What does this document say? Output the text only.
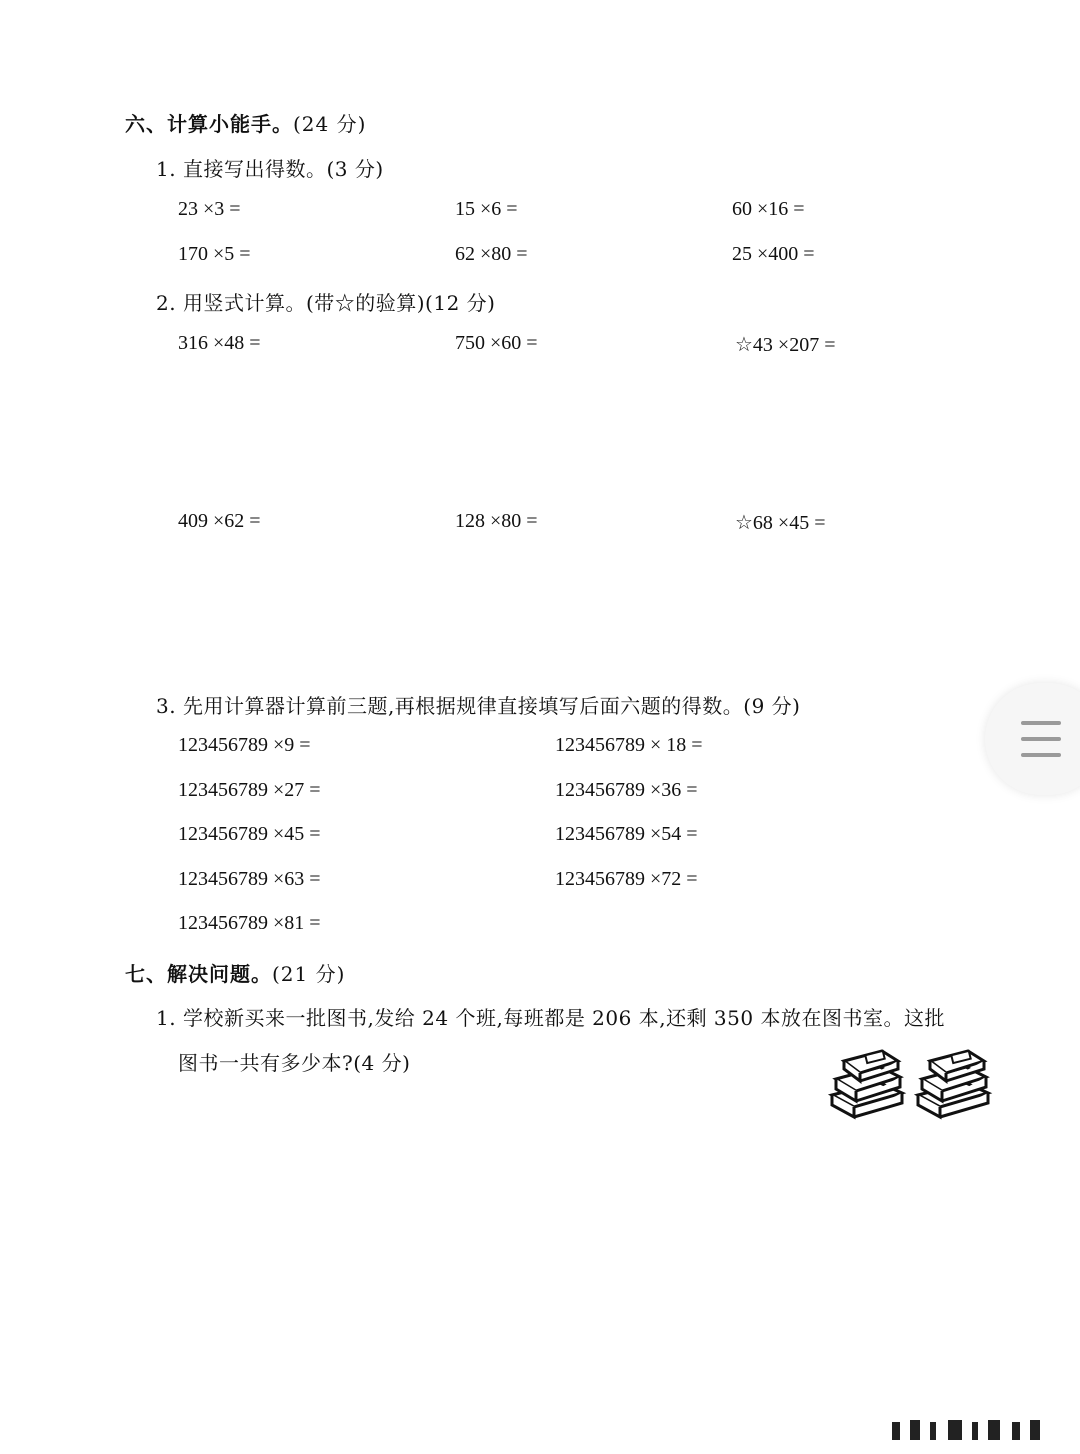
六、计算小能手。(24 分)
1. 直接写出得数。(3 分)
23 ×3 =	15 ×6 =	60 ×16 =
170 ×5 =	62 ×80 =	25 ×400 =
2. 用竖式计算。(带☆的验算)(12 分)
316 ×48 =	750 ×60 =	☆43 ×207 =
409 ×62 =	128 ×80 =	☆68 ×45 =
3. 先用计算器计算前三题,再根据规律直接填写后面六题的得数。(9 分)
123456789 ×9 =	123456789 × 18 =
123456789 ×27 =	123456789 ×36 =
123456789 ×45 =	123456789 ×54 =
123456789 ×63 =	123456789 ×72 =
123456789 ×81 =
七、解决问题。(21 分)
1. 学校新买来一批图书,发给 24 个班,每班都是 206 本,还剩 350 本放在图书室。这批
图书一共有多少本?(4 分)
